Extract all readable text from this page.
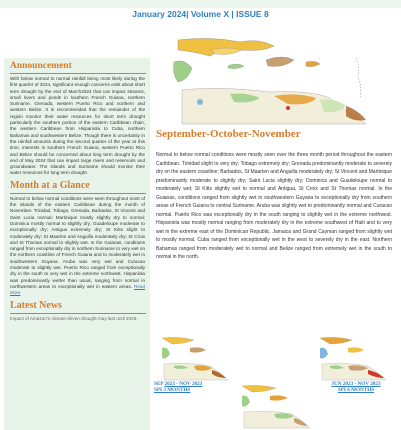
January 2024| Volume X | ISSUE 8
Announcement

With below normal to normal rainfall being most likely during the first quarter of 2024, significant enough concerns exist about short term drought by the end of March2024 that can impact streams, small rivers and ponds in southern French Guiana, northern Suriname, Grenada, western Puerto Rico and northern and western Belize. It is recommended that the remainder of the region monitor their water resources for short term drought particularly the southern portion of the eastern Caribbean chain, the western Caribbean from Hispaniola to Cuba, northern Bahamas and southwestern Belize. Though there is uncertainty in the rainfall amounts during the second quarter of the year at this time, interests in southern French Guiana, western Puerto Rico and Belize should be concerned about long term drought by the end of May 2024 that can impact large rivers and reservoirs and groundwater. The islands and Suriname should monitor their water resources for long term drought.

Month at a Glance

Normal to below normal conditions were seen throughout most of the islands of the eastern Caribbean during the month of November. Trinidad, Tobago, Grenada, Barbados, St Vincent and Saint Lucia normal; Martinique mostly slightly dry to normal; Dominica mostly normal to slightly dry; Guadeloupe moderate to exceptionally dry; Antigua extremely dry; St Kitts slight to moderately dry; St Maarten and Anguilla moderately dry; St Croix and St Thomas normal to slightly wet. In the Guianas, conditions ranged from exceptionally dry in northern Suriname to very wet on the northern coastline of French Guiana and to moderately wet in southwestern Guyana. Aruba was very wet and Curacao moderate to slightly wet. Puerto Rico ranged from exceptionally dry in the south to very wet in the extreme northwest. Hispaniola was predominantly wetter than usual, ranging from normal in northwestern areas to exceptionally wet in eastern areas. Read More

Latest News

Impact of Amazon's climate-driven drought may last until 2026.

September-October-November

Normal to below normal conditions were mostly seen over the three month period throughout the eastern Caribbean. Trinidad slight to very dry; Tobago extremely dry; Grenada predominantly moderate to severely dry on the eastern coastline; Barbados, St Maarten and Anguilla moderately dry; St Vincent and Martinique predominantly moderate to slightly dry; Saint Lucia slightly dry; Dominica and Guadeloupe normal to moderately wet; St Kitts slightly wet to normal and Antigua, St Croix and St Thomas normal. In the Guianas, conditions ranged from slightly wet in southwestern Guyana to exceptionally dry from southern areas of French Guiana to central Suriname. Aruba was slightly wet to predominantly normal and Curacao normal. Puerto Rico was exceptionally dry in the south ranging to slightly wet in the extreme northwest. Hispaniola was mostly normal ranging from moderately dry in the extreme southwest of Haiti and to very wet in the extreme east of the Dominican Republic. Jamaica and Grand Cayman ranged from slightly wet to mostly normal. Cuba ranged from exceptionally wet in the west to severely dry in the east. Northern Bahamas ranged from moderately wet to normal and Belize ranged from extremely wet in the south to normal in the north.

SEP 2023 - NOV 2023
SPI 3 MONTHS
JUN 2023 - NOV 2023
SPI 6 MONTHS
